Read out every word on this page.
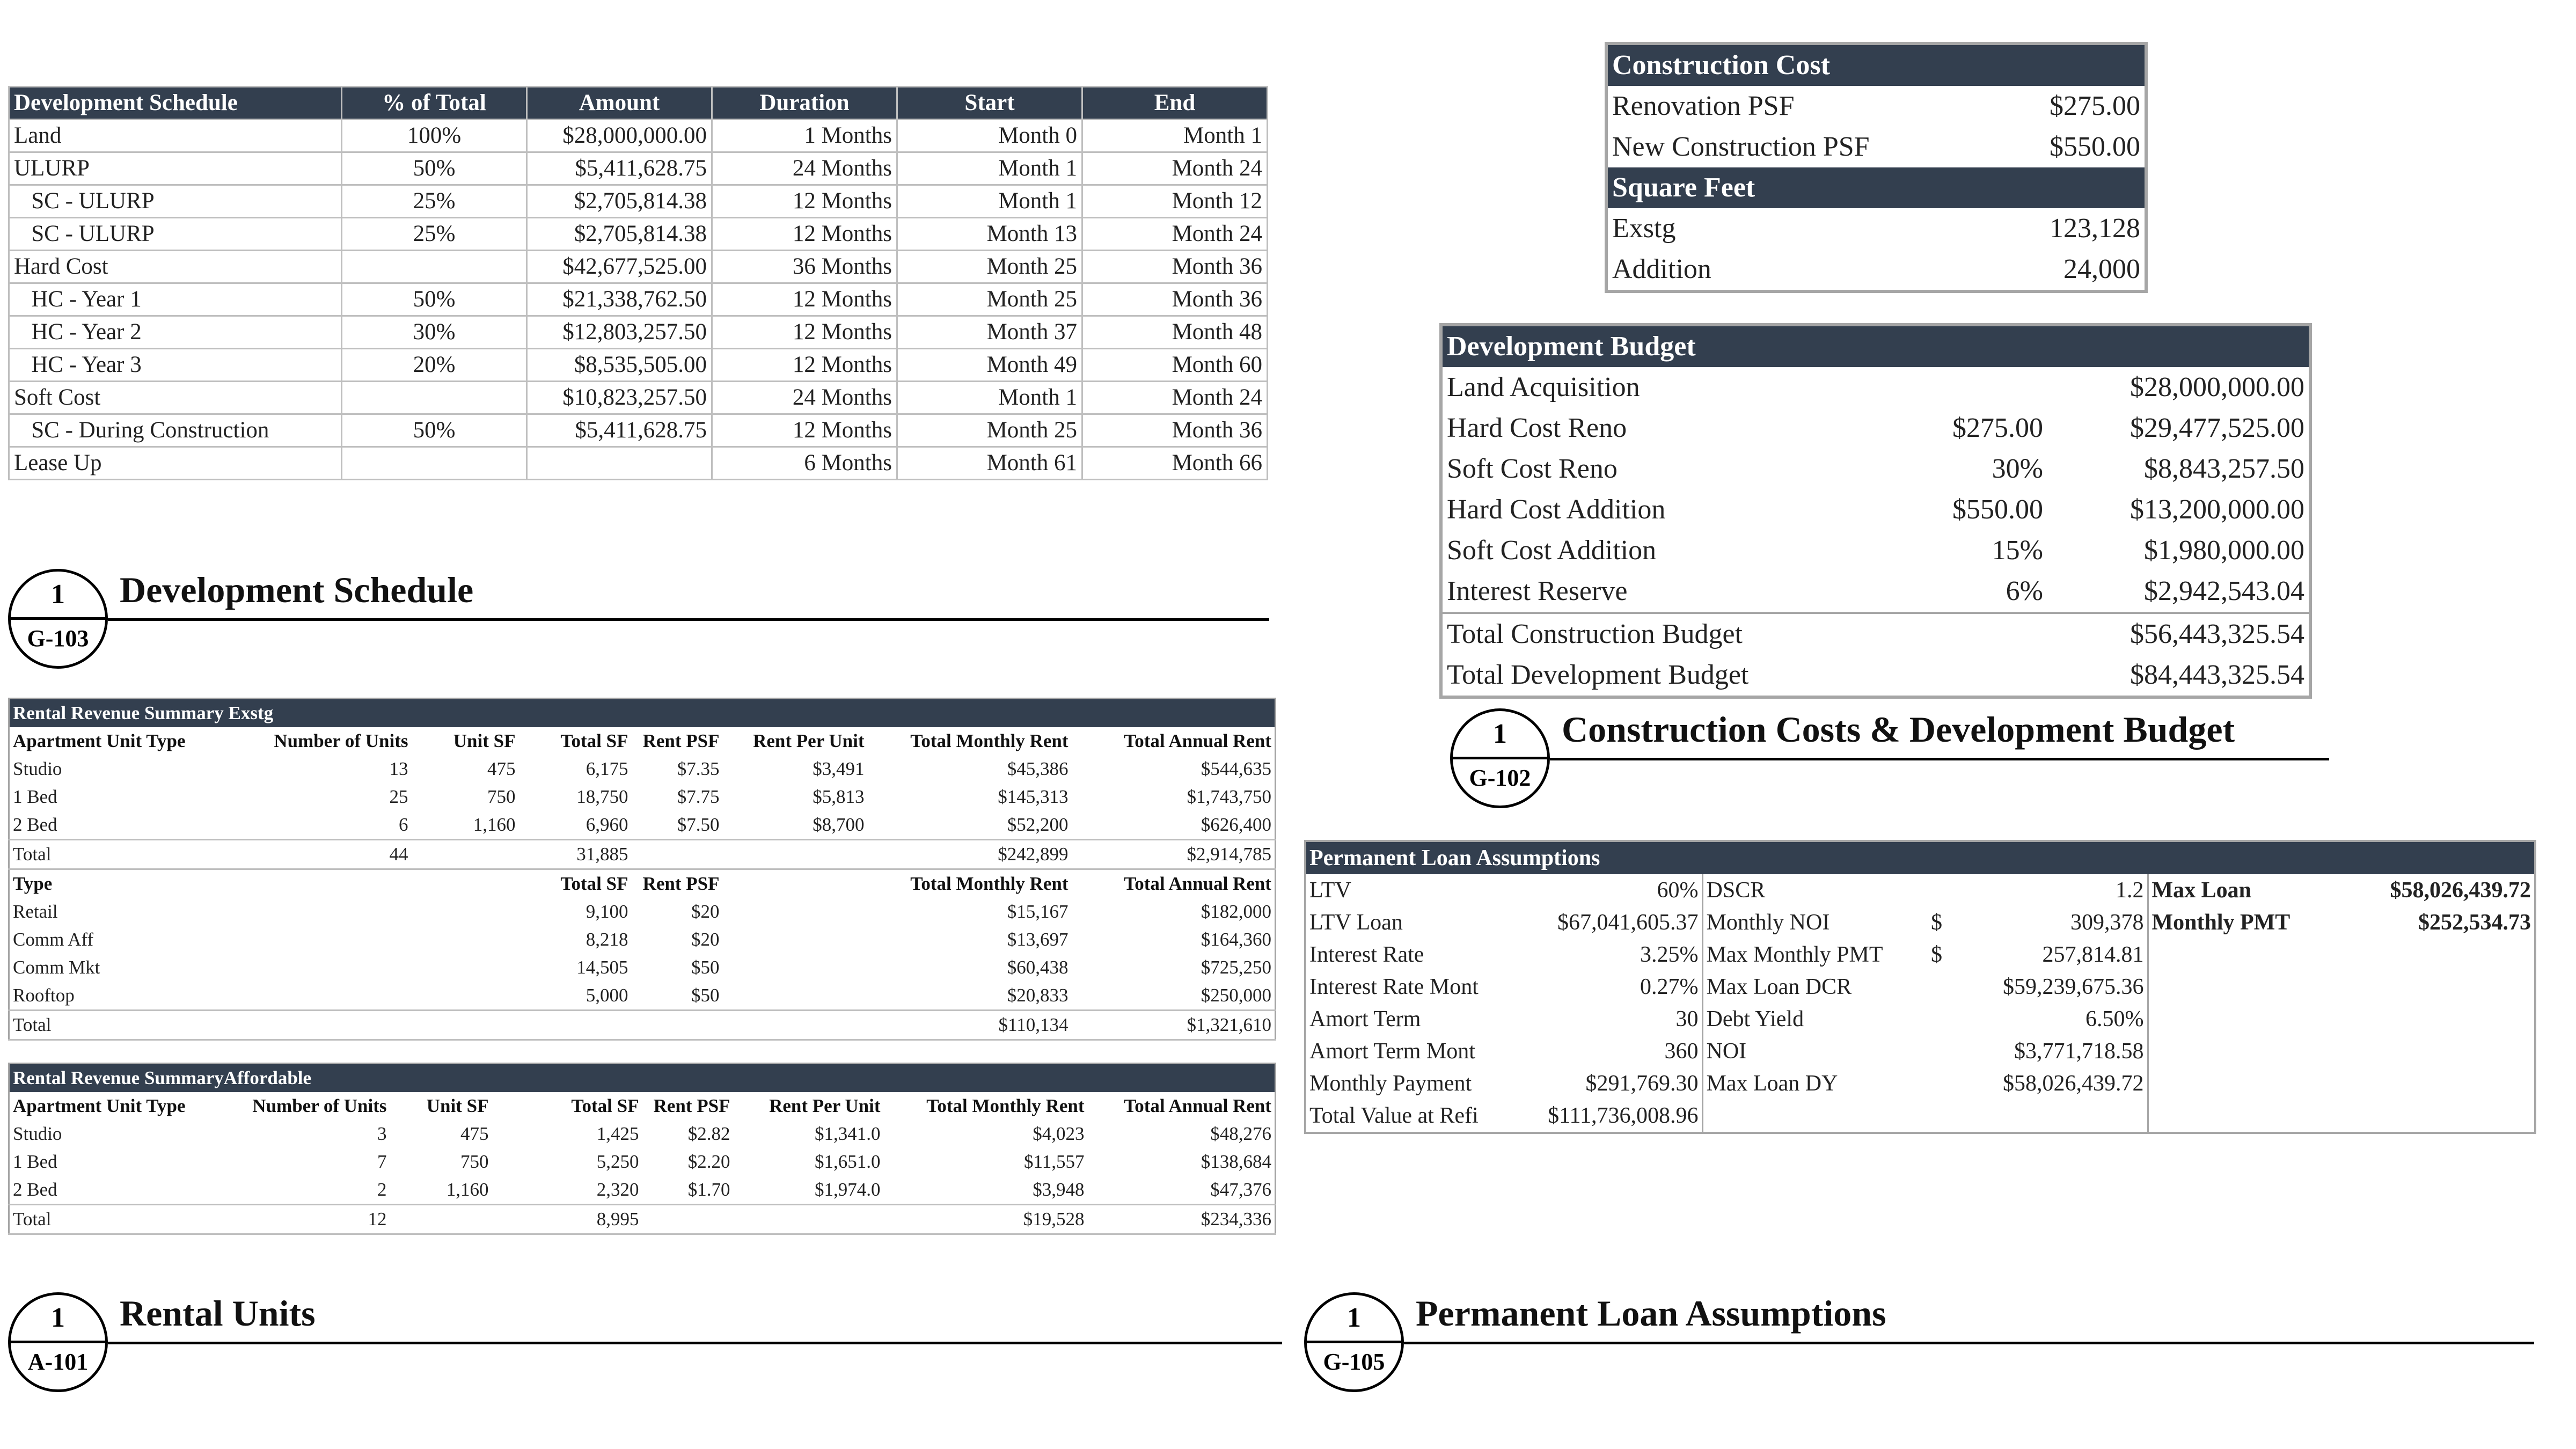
Development Schedule	% of Total	Amount	Duration	Start	End
Land	100%	$28,000,000.00	1 Months	Month 0	Month 1
ULURP	50%	$5,411,628.75	24 Months	Month 1	Month 24
SC - ULURP	25%	$2,705,814.38	12 Months	Month 1	Month 12
SC - ULURP	25%	$2,705,814.38	12 Months	Month 13	Month 24
Hard Cost		$42,677,525.00	36 Months	Month 25	Month 36
HC - Year 1	50%	$21,338,762.50	12 Months	Month 25	Month 36
HC - Year 2	30%	$12,803,257.50	12 Months	Month 37	Month 48
HC - Year 3	20%	$8,535,505.00	12 Months	Month 49	Month 60
Soft Cost		$10,823,257.50	24 Months	Month 1	Month 24
SC - During Construction	50%	$5,411,628.75	12 Months	Month 25	Month 36
Lease Up			6 Months	Month 61	Month 66
Construction Cost	
Renovation PSF	$275.00
New Construction PSF	$550.00
Square Feet	
Exstg	123,128
Addition	24,000
Development Budget		
Land Acquisition		$28,000,000.00
Hard Cost Reno	$275.00	$29,477,525.00
Soft Cost Reno	30%	$8,843,257.50
Hard Cost Addition	$550.00	$13,200,000.00
Soft Cost Addition	15%	$1,980,000.00
Interest Reserve	6%	$2,942,543.04
Total Construction Budget		$56,443,325.54
Total Development Budget		$84,443,325.54
Rental Revenue Summary Exstg							
Apartment Unit Type	Number of Units	Unit SF	Total SF	Rent PSF	Rent Per Unit	Total Monthly Rent	Total Annual Rent
Studio	13	475	6,175	$7.35	$3,491	$45,386	$544,635
1 Bed	25	750	18,750	$7.75	$5,813	$145,313	$1,743,750
2 Bed	6	1,160	6,960	$7.50	$8,700	$52,200	$626,400
Total	44		31,885			$242,899	$2,914,785
Type			Total SF	Rent PSF		Total Monthly Rent	Total Annual Rent
Retail			9,100	$20		$15,167	$182,000
Comm Aff			8,218	$20		$13,697	$164,360
Comm Mkt			14,505	$50		$60,438	$725,250
Rooftop			5,000	$50		$20,833	$250,000
Total						$110,134	$1,321,610
Rental Revenue SummaryAffordable							
Apartment Unit Type	Number of Units	Unit SF	Total SF	Rent PSF	Rent Per Unit	Total Monthly Rent	Total Annual Rent
Studio	3	475	1,425	$2.82	$1,341.0	$4,023	$48,276
1 Bed	7	750	5,250	$2.20	$1,651.0	$11,557	$138,684
2 Bed	2	1,160	2,320	$1.70	$1,974.0	$3,948	$47,376
Total	12		8,995			$19,528	$234,336
Permanent Loan Assumptions						
LTV	60%	DSCR		1.2	Max Loan	$58,026,439.72
LTV Loan	$67,041,605.37	Monthly NOI	$	309,378	Monthly PMT	$252,534.73
Interest Rate	3.25%	Max Monthly PMT	$	257,814.81		
Interest Rate Mont	0.27%	Max Loan DCR		$59,239,675.36		
Amort Term	30	Debt Yield		6.50%		
Amort Term Mont	360	NOI		$3,771,718.58		
Monthly Payment	$291,769.30	Max Loan DY		$58,026,439.72		
Total Value at Refi	$111,736,008.96					
1
G-103
Development Schedule
1
G-102
Construction Costs & Development Budget
1
A-101
Rental Units	1
G-105
Permanent Loan Assumptions
